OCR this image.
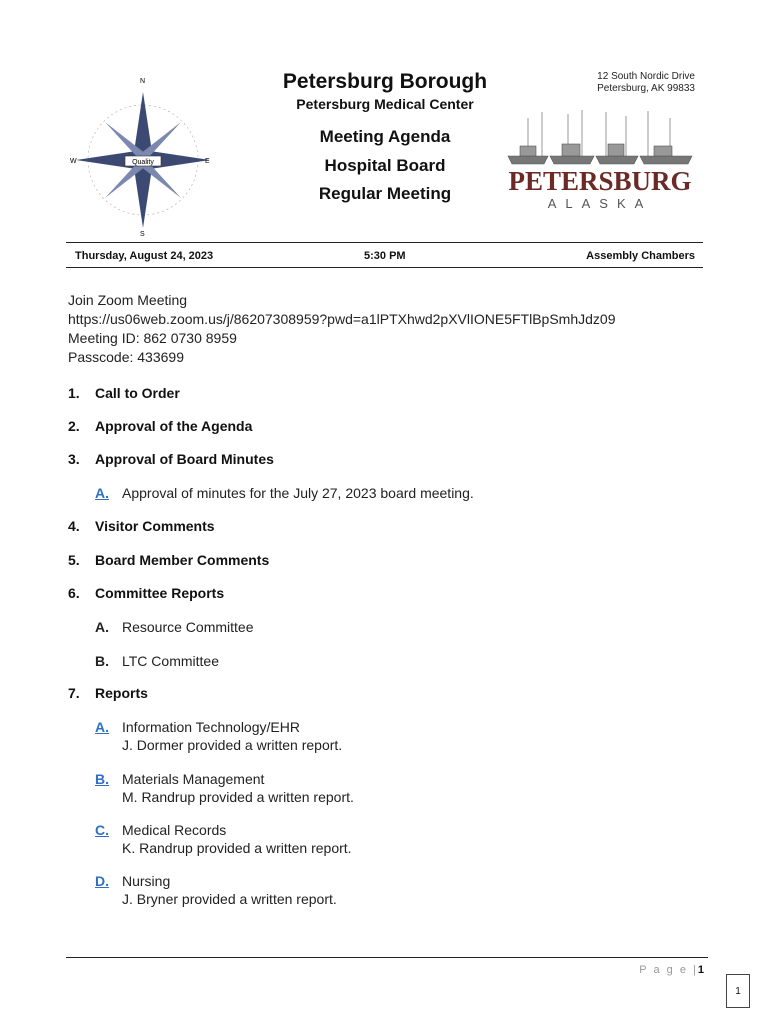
Quality
N
S
E
W
Petersburg Borough
Petersburg Medical Center
12 South Nordic Drive
Petersburg, AK 99833
Meeting Agenda
Hospital Board
Regular Meeting	PETERSBURG
ALASKA
Thursday, August 24, 2023	5:30 PM	Assembly Chambers
Join Zoom Meeting
https://us06web.zoom.us/j/86207308959?pwd=a1lPTXhwd2pXVlIONE5FTlBpSmhJdz09
Meeting ID: 862 0730 8959
Passcode: 433699
1. Call to Order
2. Approval of the Agenda
3. Approval of Board Minutes
A. Approval of minutes for the July 27, 2023 board meeting.
4. Visitor Comments
5. Board Member Comments
6. Committee Reports
A. Resource Committee
B. LTC Committee
7. Reports
A. Information Technology/EHR
J. Dormer provided a written report.
B. Materials Management
M. Randrup provided a written report.
C. Medical Records
K. Randrup provided a written report.
D. Nursing
J. Bryner provided a written report.
P a g e |1
1
